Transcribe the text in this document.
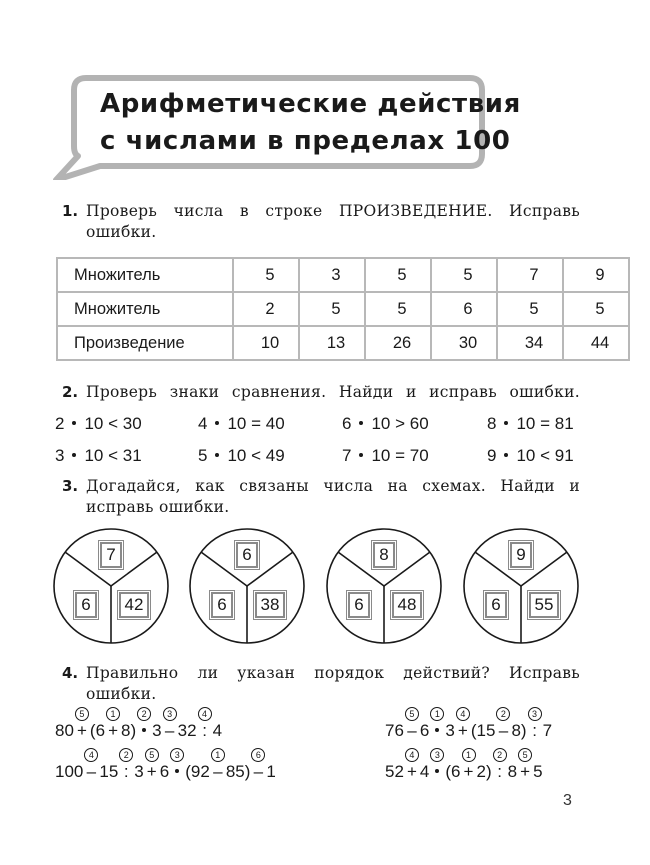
Арифметические действия
с числами в пределах 100
1. Проверь числа в строке ПРОИЗВЕДЕНИЕ. Исправь
ошибки.
Множитель	5	3	5	5	7	9
Множитель	2	5	5	6	5	5
Произведение	10	13	26	30	34	44
2. Проверь знаки сравнения. Найди и исправь ошибки.
2 10 < 30	4 10 = 40	6 10 > 60	8 10 = 81
3 10 < 31	5 10 < 49	7 10 = 70	9 10 < 91
3. Догадайся, как связаны числа на схемах. Найди и
исправь ошибки.
7
6	42
6
6	38
8
6	48
9
6	55
4. Правильно ли указан порядок действий? Исправь
ошибки.
80
5
+ (6
1
+ 8)
2
3
3
– 32
4
: 4
100
4
– 15
2
: 3
5
+ 6
3
(92
1
– 85)
6
– 1
76
5
– 6
1
3
4
+ (15
2
– 8)
3
: 7
52
4
+ 4
3
(6
1
+ 2)
2
: 8
5
+ 5
3
